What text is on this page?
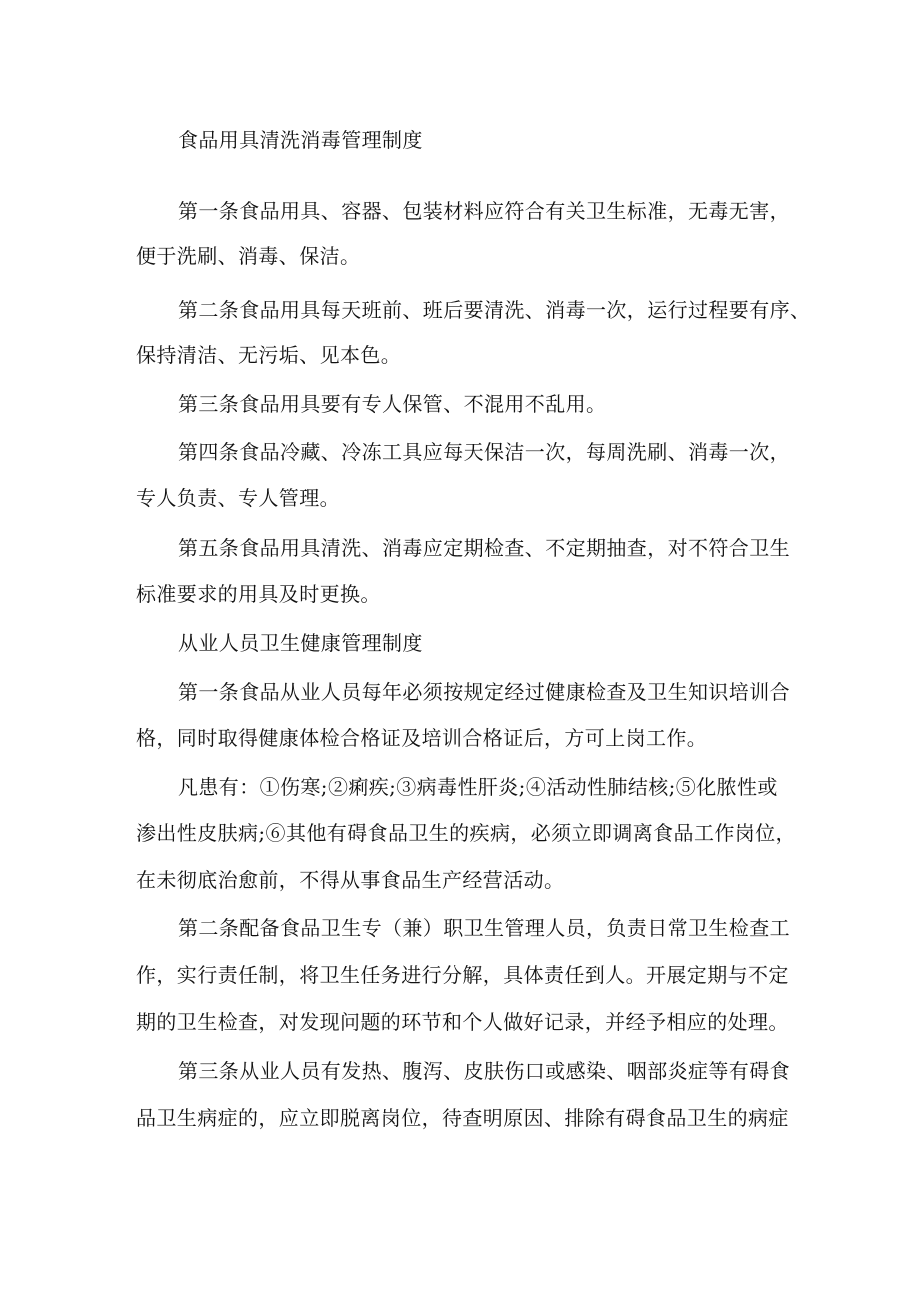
食品用具清洗消毒管理制度
第一条食品用具、容器、包装材料应符合有关卫生标准，无毒无害，
便于洗刷、消毒、保洁。
第二条食品用具每天班前、班后要清洗、消毒一次，运行过程要有序、
保持清洁、无污垢、见本色。
第三条食品用具要有专人保管、不混用不乱用。
第四条食品冷藏、冷冻工具应每天保洁一次，每周洗刷、消毒一次，
专人负责、专人管理。
第五条食品用具清洗、消毒应定期检查、不定期抽查，对不符合卫生
标准要求的用具及时更换。
从业人员卫生健康管理制度
第一条食品从业人员每年必须按规定经过健康检查及卫生知识培训合
格，同时取得健康体检合格证及培训合格证后，方可上岗工作。
凡患有：①伤寒;②痢疾;③病毒性肝炎;④活动性肺结核;⑤化脓性或
渗出性皮肤病;⑥其他有碍食品卫生的疾病，必须立即调离食品工作岗位，
在未彻底治愈前，不得从事食品生产经营活动。
第二条配备食品卫生专（兼）职卫生管理人员，负责日常卫生检查工
作，实行责任制，将卫生任务进行分解，具体责任到人。开展定期与不定
期的卫生检查，对发现问题的环节和个人做好记录，并经予相应的处理。
第三条从业人员有发热、腹泻、皮肤伤口或感染、咽部炎症等有碍食
品卫生病症的，应立即脱离岗位，待查明原因、排除有碍食品卫生的病症
